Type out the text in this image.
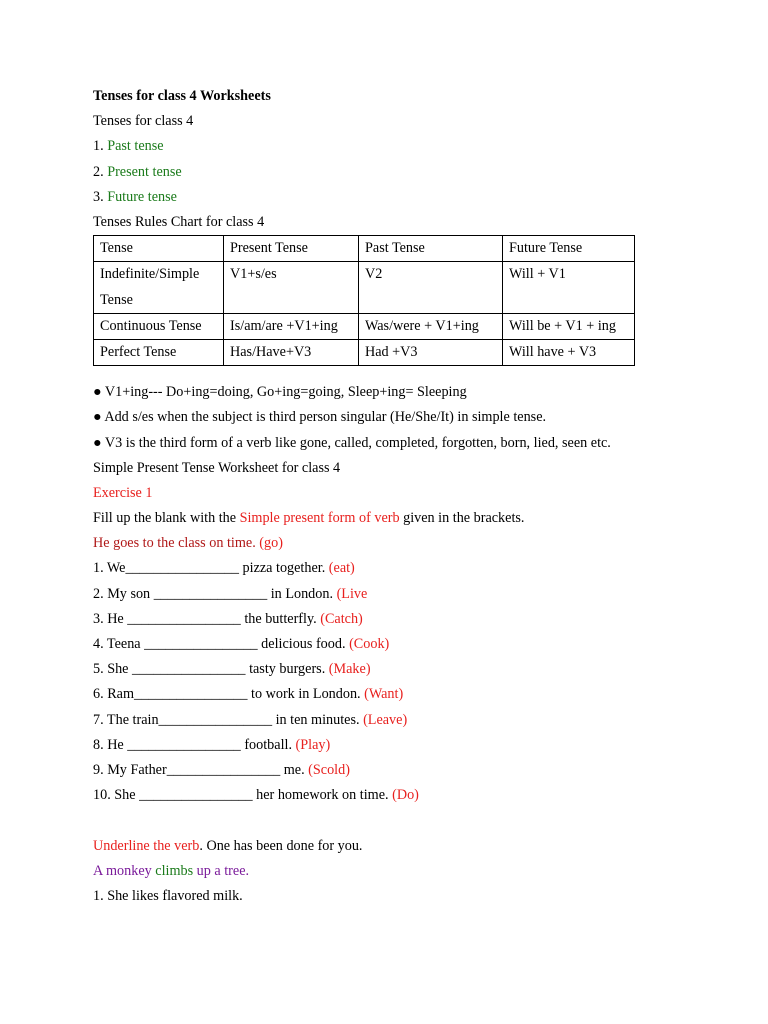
Tenses for class 4 Worksheets
Tenses for class 4
1. Past tense
2. Present tense
3. Future tense
Tenses Rules Chart for class 4
Tense	Present Tense	Past Tense	Future Tense

Indefinite/Simple
Tense	V1+s/es	V2	Will + V1
Continuous Tense	Is/am/are +V1+ing	Was/were + V1+ing	Will be + V1 + ing
Perfect Tense	Has/Have+V3	Had +V3	Will have + V3
● V1+ing--- Do+ing=doing, Go+ing=going, Sleep+ing= Sleeping
● Add s/es when the subject is third person singular (He/She/It) in simple tense.
● V3 is the third form of a verb like gone, called, completed, forgotten, born, lied, seen etc.
Simple Present Tense Worksheet for class 4
Exercise 1
Fill up the blank with the Simple present form of verb given in the brackets.
He goes to the class on time. (go)
1. We________________ pizza together. (eat)
2. My son ________________ in London. (Live
3. He ________________ the butterfly. (Catch)
4. Teena ________________ delicious food. (Cook)
5. She ________________ tasty burgers. (Make)
6. Ram________________ to work in London. (Want)
7. The train________________ in ten minutes. (Leave)
8. He ________________ football. (Play)
9. My Father________________ me. (Scold)
10. She ________________ her homework on time. (Do)
Underline the verb. One has been done for you.
A monkey climbs up a tree.
1. She likes flavored milk.
